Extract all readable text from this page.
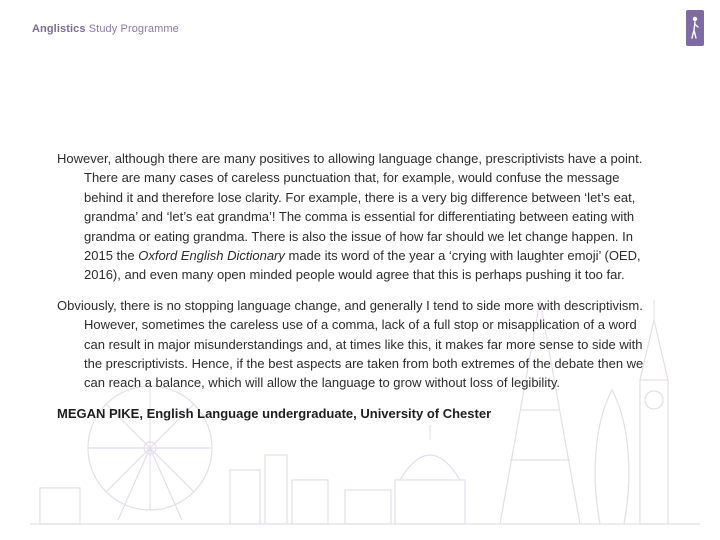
Anglistics Study Programme

However, although there are many positives to allowing language change, prescriptivists have a point. There are many cases of careless punctuation that, for example, would confuse the message behind it and therefore lose clarity. For example, there is a very big difference between ‘let’s eat, grandma’ and ‘let’s eat grandma’! The comma is essential for differentiating between eating with grandma or eating grandma. There is also the issue of how far should we let change happen. In 2015 the Oxford English Dictionary made its word of the year a ‘crying with laughter emoji’ (OED, 2016), and even many open minded people would agree that this is perhaps pushing it too far.

Obviously, there is no stopping language change, and generally I tend to side more with descriptivism. However, sometimes the careless use of a comma, lack of a full stop or misapplication of a word can result in major misunderstandings and, at times like this, it makes far more sense to side with the prescriptivists. Hence, if the best aspects are taken from both extremes of the debate then we can reach a balance, which will allow the language to grow without loss of legibility.

MEGAN PIKE, English Language undergraduate, University of Chester
